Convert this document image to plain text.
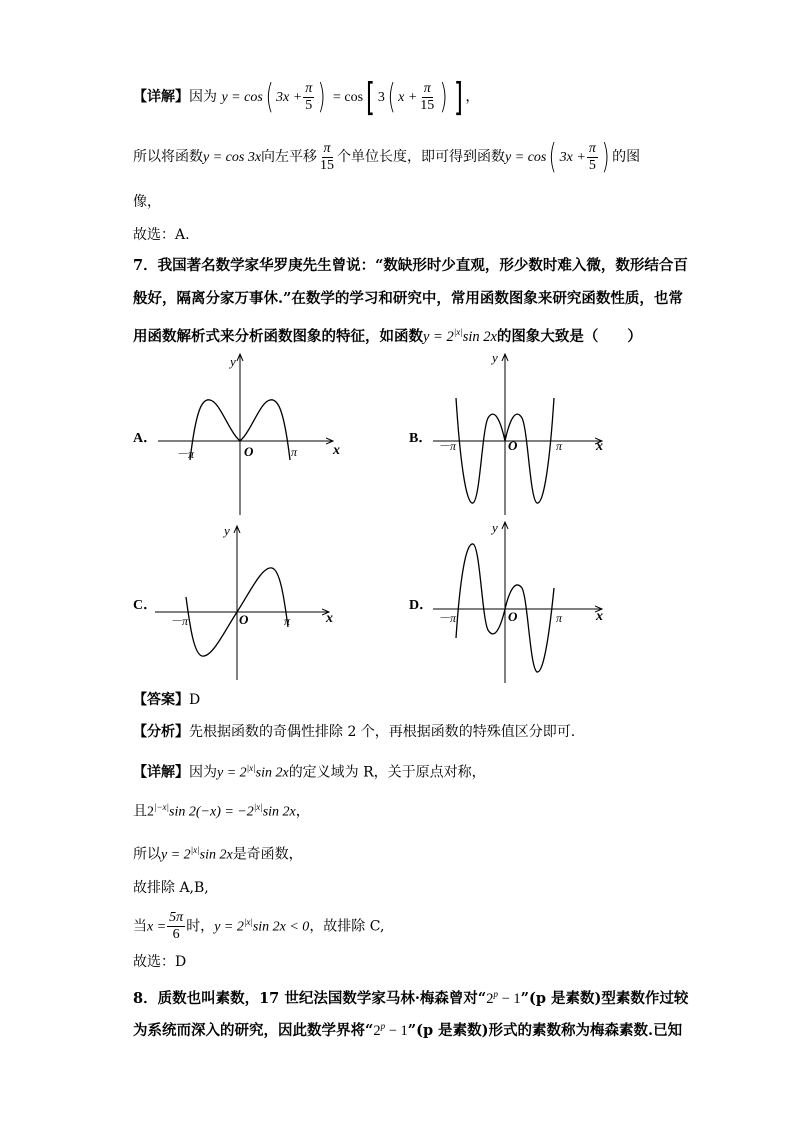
【详解】因为 y = cos( $3x + \frac{\pi}{5}$ ) = cos[ 3( $x + \frac{\pi}{15}$ ) ] ，
所以将函数y = cos 3x向左平移 $\frac{\pi}{15}$ 个单位长度，即可得到函数y = cos( $3x + \frac{\pi}{5}$ ) 的图
像，
故选：A.
7．我国著名数学家华罗庚先生曾说：“数缺形时少直观，形少数时难入微，数形结合百
般好，隔离分家万事休.”在数学的学习和研究中，常用函数图象来研究函数性质，也常
用函数解析式来分析函数图象的特征，如函数$y = 2^{|x|}\sin$ 2x的图象大致是（　　）
A．	B．
C．	D．
y
x
O
－π	π
y
x
O
－π	π
y
x
O
－π	π
y
x
O
－π	π
【答案】D
【分析】先根据函数的奇偶性排除 2 个，再根据函数的特殊值区分即可.
【详解】因为$y = 2^{|x|}\sin$ 2x的定义域为 R，关于原点对称，
且$2^{|-x|}\sin$ $2(-x) = -2^{|x|}\sin$ 2x，
所以$y = 2^{|x|}\sin$ 2x是奇函数，
故排除 A,B,
当$x = \frac{5\pi}{6}$ 时，$y = 2^{|x|}\sin$ 2x < 0，故排除 C,
故选：D
8．质数也叫素数，17 世纪法国数学家马林·梅森曾对“$2^p$ − 1”(p 是素数)型素数作过较
为系统而深入的研究，因此数学界将“$2^p$ − 1”(p 是素数)形式的素数称为梅森素数.已知
